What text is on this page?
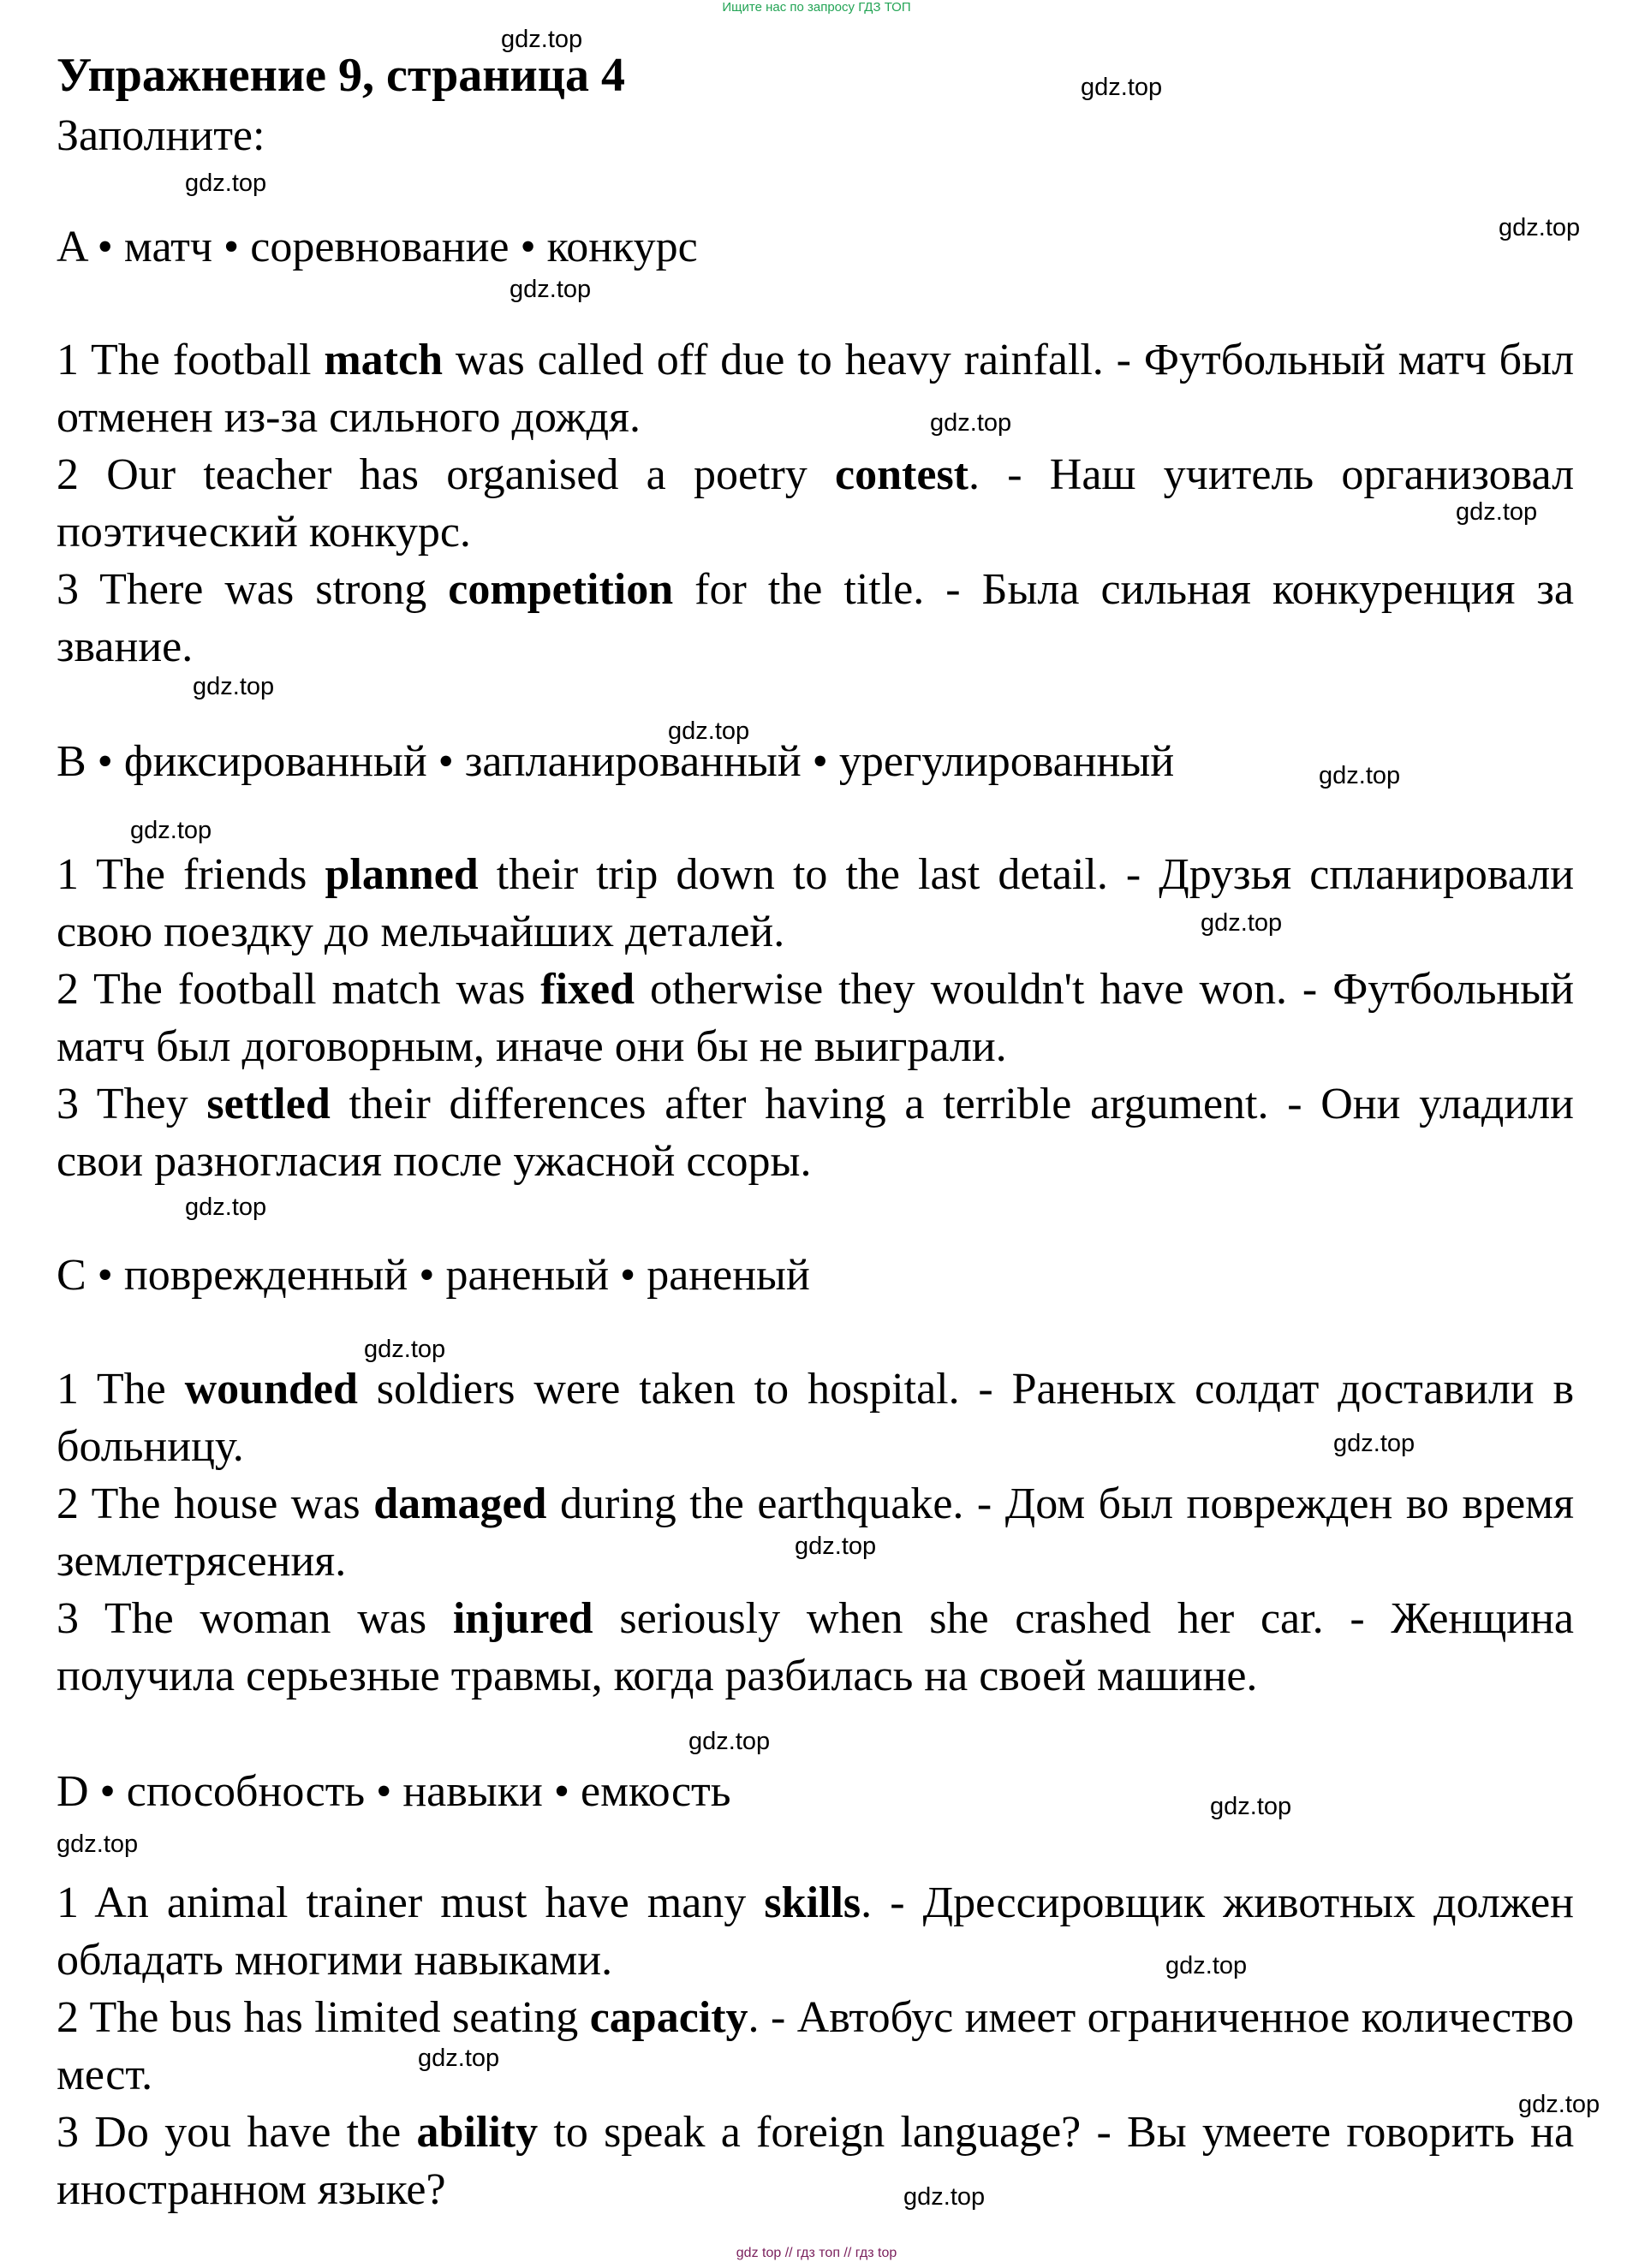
Ищите нас по запросу ГДЗ ТОП
Упражнение 9, страница 4
Заполните:
A • матч • соревнование • конкурс

1 The football match was called off due to heavy rainfall. - Футбольный матч был отменен из-за сильного дождя.

2 Our teacher has organised a poetry contest. - Наш учитель организовал поэтический конкурс.

3 There was strong competition for the title. - Была сильная конкуренция за звание.

B • фиксированный • запланированный • урегулированный

1 The friends planned their trip down to the last detail. - Друзья спланировали свою поездку до мельчайших деталей.

2 The football match was fixed otherwise they wouldn't have won. - Футбольный матч был договорным, иначе они бы не выиграли.

3 They settled their differences after having a terrible argument. - Они уладили свои разногласия после ужасной ссоры.

C • поврежденный • раненый • раненый

1 The wounded soldiers were taken to hospital. - Раненых солдат доставили в больницу.

2 The house was damaged during the earthquake. - Дом был поврежден во время землетрясения.

3 The woman was injured seriously when she crashed her car. - Женщина получила серьезные травмы, когда разбилась на своей машине.

D • способность • навыки • емкость

1 An animal trainer must have many skills. - Дрессировщик животных должен обладать многими навыками.

2 The bus has limited seating capacity. - Автобус имеет ограниченное количество мест.

3 Do you have the ability to speak a foreign language? - Вы умеете говорить на иностранном языке?

gdz.top
gdz.top
gdz.top
gdz.top
gdz.top
gdz.top
gdz.top
gdz.top
gdz.top
gdz.top
gdz.top
gdz.top
gdz.top
gdz.top
gdz.top
gdz.top
gdz.top
gdz.top
gdz.top
gdz.top
gdz.top
gdz.top
gdz.top
gdz top // гдз топ // гдз top
